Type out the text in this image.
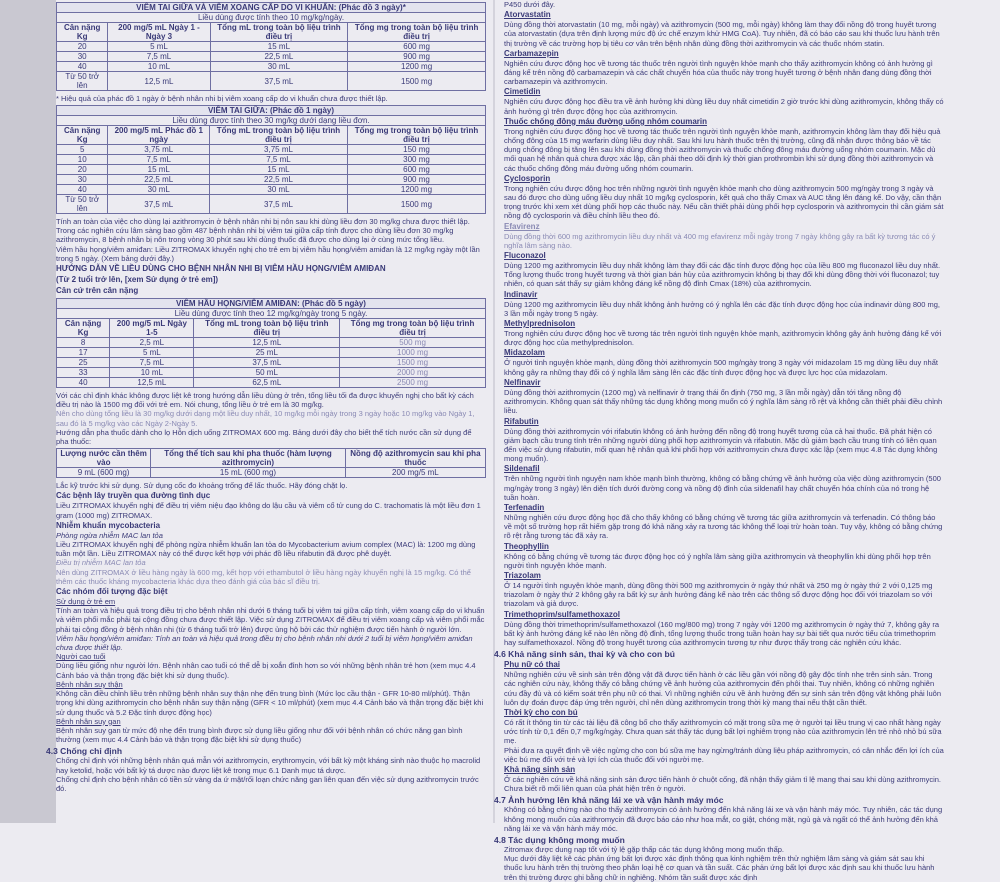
VIÊM TAI GIỮA VÀ VIÊM XOANG CẤP DO VI KHUẨN: (Phác đồ 3 ngày)*			
Liều dùng được tính theo 10 mg/kg/ngày.			
Cân nặng Kg	200 mg/5 mL Ngày 1 - Ngày 3	Tổng mL trong toàn bộ liệu trình điều trị	Tổng mg trong toàn bộ liệu trình điều trị
20	5 mL	15 mL	600 mg
30	7,5 mL	22,5 mL	900 mg
40	10 mL	30 mL	1200 mg
Từ 50 trở lên	12,5 mL	37,5 mL	1500 mg

* Hiệu quả của phác đồ 1 ngày ở bệnh nhân nhi bị viêm xoang cấp do vi khuẩn chưa được thiết lập.

VIÊM TAI GIỮA: (Phác đồ 1 ngày)			
Liều dùng được tính theo 30 mg/kg dưới dạng liều đơn.			
Cân nặng Kg	200 mg/5 mL Phác đồ 1 ngày	Tổng mL trong toàn bộ liệu trình điều trị	Tổng mg trong toàn bộ liệu trình điều trị
5	3,75 mL	3,75 mL	150 mg
10	7,5 mL	7,5 mL	300 mg
20	15 mL	15 mL	600 mg
30	22,5 mL	22,5 mL	900 mg
40	30 mL	30 mL	1200 mg
Từ 50 trở lên	37,5 mL	37,5 mL	1500 mg

Tính an toàn của việc cho dùng lại azithromycin ở bệnh nhân nhi bị nôn sau khi dùng liều đơn 30 mg/kg chưa được thiết lập. Trong các nghiên cứu lâm sàng bao gồm 487 bệnh nhân nhi bị viêm tai giữa cấp tính được cho dùng liều đơn 30 mg/kg azithromycin, 8 bệnh nhân bị nôn trong vòng 30 phút sau khi dùng thuốc đã được cho dùng lại ở cùng mức tổng liều.

Viêm hầu họng/viêm amiđan: Liều ZITROMAX khuyến nghị cho trẻ em bị viêm hầu họng/viêm amiđan là 12 mg/kg ngày một lần trong 5 ngày. (Xem bảng dưới đây.)

HƯỚNG DẪN VỀ LIỀU DÙNG CHO BỆNH NHÂN NHI BỊ VIÊM HẦU HỌNG/VIÊM AMIĐAN

(Từ 2 tuổi trở lên, [xem Sử dụng ở trẻ em])

Cân cứ trên cân nặng

VIÊM HẦU HỌNG/VIÊM AMIĐAN: (Phác đồ 5 ngày)			
Liều dùng được tính theo 12 mg/kg/ngày trong 5 ngày.			
Cân nặng Kg	200 mg/5 mL Ngày 1-5	Tổng mL trong toàn bộ liệu trình điều trị	Tổng mg trong toàn bộ liệu trình điều trị
8	2,5 mL	12,5 mL	500 mg
17	5 mL	25 mL	1000 mg
25	7,5 mL	37,5 mL	1500 mg
33	10 mL	50 mL	2000 mg
40	12,5 mL	62,5 mL	2500 mg

Với các chỉ định khác không được liệt kê trong hướng dẫn liều dùng ở trên, tổng liều tối đa được khuyến nghị cho bất kỳ cách điều trị nào là 1500 mg đối với trẻ em. Nói chung, tổng liều ở trẻ em là 30 mg/kg.

Nên cho dùng tổng liều là 30 mg/kg dưới dạng một liều duy nhất, 10 mg/kg mỗi ngày trong 3 ngày hoặc 10 mg/kg vào Ngày 1, sau đó là 5 mg/kg vào các Ngày 2-Ngày 5.

Hướng dẫn pha thuốc dành cho lọ Hỗn dịch uống ZITROMAX 600 mg. Bảng dưới đây cho biết thể tích nước cần sử dụng để pha thuốc:

Lượng nước cần thêm vào	Tổng thể tích sau khi pha thuốc (hàm lượng azithromycin)	Nồng độ azithromycin sau khi pha thuốc
9 mL (600 mg)	15 mL (600 mg)	200 mg/5 mL

Lắc kỹ trước khi sử dụng. Sử dụng cốc đo khoảng trống để lấc thuốc. Hãy đóng chặt lọ.

Các bệnh lây truyền qua đường tình dục

Liều ZITROMAX khuyến nghị để điều trị viêm niệu đạo không do lậu cầu và viêm cổ tử cung do C. trachomatis là một liều đơn 1 gram (1000 mg) ZITROMAX.

Nhiễm khuẩn mycobacteria

Phòng ngừa nhiễm MAC lan tỏa

Liều ZITROMAX khuyến nghị để phòng ngừa nhiễm khuẩn lan tỏa do Mycobacterium avium complex (MAC) là: 1200 mg dùng tuần một lần. Liều ZITROMAX này có thể được kết hợp với phác đồ liều rifabutin đã được phê duyệt.

Điều trị nhiễm MAC lan tỏa

Nên dùng ZITROMAX ở liều hàng ngày là 600 mg, kết hợp với ethambutol ở liều hàng ngày khuyến nghị là 15 mg/kg. Có thể thêm các thuốc kháng mycobacteria khác dựa theo đánh giá của bác sĩ điều trị.

Các nhóm đối tượng đặc biệt

Sử dụng ở trẻ em

Tính an toàn và hiệu quả trong điều trị cho bệnh nhân nhi dưới 6 tháng tuổi bị viêm tai giữa cấp tính, viêm xoang cấp do vi khuẩn và viêm phổi mắc phải tại cộng đồng chưa được thiết lập. Việc sử dụng ZITROMAX để điều trị viêm xoang cấp và viêm phổi mắc phải tại cộng đồng ở bệnh nhân nhi (từ 6 tháng tuổi trở lên) được ủng hộ bởi các thử nghiệm được tiến hành ở người lớn.

Viêm hầu họng/viêm amiđan: Tính an toàn và hiệu quả trong điều trị cho bệnh nhân nhi dưới 2 tuổi bị viêm họng/viêm amiđan chưa được thiết lập.

Người cao tuổi

Dùng liều giống như người lớn. Bệnh nhân cao tuổi có thể dễ bị xoắn đỉnh hơn so với những bệnh nhân trẻ hơn (xem mục 4.4 Cảnh báo và thận trọng đặc biệt khi sử dụng thuốc).

Bệnh nhân suy thận

Không cần điều chỉnh liều trên những bệnh nhân suy thận nhẹ đến trung bình (Mức lọc cầu thận - GFR 10-80 ml/phút). Thận trọng khi dùng azithromycin cho bệnh nhân suy thận nặng (GFR < 10 ml/phút) (xem mục 4.4 Cảnh báo và thận trọng đặc biệt khi sử dụng thuốc và 5.2 Đặc tính dược động học)

Bệnh nhân suy gan

Bệnh nhân suy gan từ mức độ nhẹ đến trung bình được sử dụng liều giống như đối với bệnh nhân có chức năng gan bình thường (xem mục 4.4 Cảnh báo và thận trọng đặc biệt khi sử dụng thuốc)

4.3 Chống chỉ định

Chống chỉ định với những bệnh nhân quá mẫn với azithromycin, erythromycin, với bất kỳ một kháng sinh nào thuộc họ macrolid hay ketolid, hoặc với bất kỳ tá dược nào được liệt kê trong mục 6.1 Danh mục tá dược.

Chống chỉ định cho bệnh nhân có tiền sử vàng da ứ mật/rối loạn chức năng gan liên quan đến việc sử dụng azithromycin trước đó.

P450 dưới đây.

Atorvastatin

Dùng đồng thời atorvastatin (10 mg, mỗi ngày) và azithromycin (500 mg, mỗi ngày) không làm thay đổi nồng độ trong huyết tương của atorvastatin (dựa trên định lượng mức độ ức chế enzym khử HMG CoA). Tuy nhiên, đã có báo cáo sau khi thuốc lưu hành trên thị trường về các trường hợp bị tiêu cơ vân trên bệnh nhân dùng đồng thời azithromycin và các thuốc nhóm statin.

Carbamazepin

Nghiên cứu được động học về tương tác thuốc trên người tình nguyện khỏe mạnh cho thấy azithromycin không có ảnh hưởng gì đáng kể trên nồng độ carbamazepin và các chất chuyển hóa của thuốc này trong huyết tương ở bệnh nhân đang dùng đồng thời carbamazepin và azithromycin.

Cimetidin

Nghiên cứu được động học điều tra về ảnh hưởng khi dùng liều duy nhất cimetidin 2 giờ trước khi dùng azithromycin, không thấy có ảnh hưởng gì trên được động học của azithromycin.

Thuốc chống đông máu đường uống nhóm coumarin

Trong nghiên cứu được động học về tương tác thuốc trên người tình nguyện khỏe mạnh, azithromycin không làm thay đổi hiệu quả chống đông của 15 mg warfarin dùng liều duy nhất. Sau khi lưu hành thuốc trên thị trường, cũng đã nhận được thông báo về tác dụng chống đông bị tăng lên sau khi dùng đồng thời azithromycin và thuốc chống đông máu đường uống nhóm coumarin. Mặc dù mối quan hệ nhân quả chưa được xác lập, cần phải theo dõi định kỳ thời gian prothrombin khi sử dụng đồng thời azithromycin và các thuốc chống đông máu đường uống nhóm coumarin.

Cyclosporin

Trong nghiên cứu được động học trên những người tình nguyện khỏe mạnh cho dùng azithromycin 500 mg/ngày trong 3 ngày và sau đó được cho dùng uống liều duy nhất 10 mg/kg cyclosporin, kết quả cho thấy Cmax và AUC tăng lên đáng kể. Do vậy, cần thận trọng trước khi xem xét dùng phối hợp các thuốc này. Nếu cần thiết phải dùng phối hợp cyclosporin và azithromycin thì cần giám sát nồng độ cyclosporin và điều chỉnh liều theo đó.

Efavirenz

Dùng đồng thời 600 mg azithromycin liều duy nhất và 400 mg efavirenz mỗi ngày trong 7 ngày không gây ra bất kỳ tương tác có ý nghĩa lâm sàng nào.

Fluconazol

Dùng 1200 mg azithromycin liều duy nhất không làm thay đổi các đặc tính được động học của liều 800 mg fluconazol liều duy nhất. Tổng lượng thuốc trong huyết tương và thời gian bán hủy của azithromycin không bị thay đổi khi dùng đồng thời với fluconazol; tuy nhiên, có quan sát thấy sự giảm không đáng kể nồng độ đỉnh Cmax (18%) của azithromycin.

Indinavir

Dùng 1200 mg azithromycin liều duy nhất không ảnh hưởng có ý nghĩa lên các đặc tính được động học của indinavir dùng 800 mg, 3 lần mỗi ngày trong 5 ngày.

Methylprednisolon

Trong nghiên cứu được động học về tương tác trên người tình nguyện khỏe mạnh, azithromycin không gây ảnh hưởng đáng kể với được động học của methylprednisolon.

Midazolam

Ở người tình nguyện khỏe mạnh, dùng đồng thời azithromycin 500 mg/ngày trong 3 ngày với midazolam 15 mg dùng liều duy nhất không gây ra những thay đổi có ý nghĩa lâm sàng lên các đặc tính được động học và được lực học của midazolam.

Nelfinavir

Dùng đồng thời azithromycin (1200 mg) và nelfinavir ở trạng thái ổn định (750 mg, 3 lần mỗi ngày) dẫn tới tăng nồng độ azithromycin. Không quan sát thấy những tác dụng không mong muốn có ý nghĩa lâm sàng rõ rệt và không cần thiết phải điều chỉnh liều.

Rifabutin

Dùng đồng thời azithromycin với rifabutin không có ảnh hưởng đến nồng độ trong huyết tương của cả hai thuốc. Đã phát hiện có giảm bạch cầu trung tính trên những người dùng phối hợp azithromycin và rifabutin. Mặc dù giảm bạch cầu trung tính có liên quan đến việc sử dụng rifabutin, mối quan hệ nhân quả khi phối hợp với azithromycin chưa được xác lập (xem mục 4.8 Tác dụng không mong muốn).

Sildenafil

Trên những người tình nguyện nam khỏe mạnh bình thường, không có bằng chứng về ảnh hưởng của việc dùng azithromycin (500 mg/ngày trong 3 ngày) lên diện tích dưới đường cong và nồng độ đỉnh của sildenafil hay chất chuyển hóa chính của nó trong hệ tuần hoàn.

Terfenadin

Những nghiên cứu được động học đã cho thấy không có bằng chứng về tương tác giữa azithromycin và terfenadin. Có thông báo về một số trường hợp rất hiếm gặp trong đó khả năng xảy ra tương tác không thể loại trừ hoàn toàn. Tuy vậy, không có bằng chứng rõ rệt rằng tương tác đã xảy ra.

Theophyllin

Không có bằng chứng về tương tác được động học có ý nghĩa lâm sàng giữa azithromycin và theophyllin khi dùng phối hợp trên người tình nguyện khỏe mạnh.

Triazolam

Ở 14 người tình nguyện khỏe mạnh, dùng đồng thời 500 mg azithromycin ở ngày thứ nhất và 250 mg ở ngày thứ 2 với 0,125 mg triazolam ở ngày thứ 2 không gây ra bất kỳ sự ảnh hưởng đáng kể nào trên các thông số được động học đối với triazolam so với triazolam và giả dược.

Trimethoprim/sulfamethoxazol

Dùng đồng thời trimethoprim/sulfamethoxazol (160 mg/800 mg) trong 7 ngày với 1200 mg azithromycin ở ngày thứ 7, không gây ra bất kỳ ảnh hưởng đáng kể nào lên nồng độ đỉnh, tổng lượng thuốc trong tuần hoàn hay sự bài tiết qua nước tiểu của trimethoprim hay sulfamethoxazol. Nồng độ trong huyết tương của azithromycin tương tự như được thấy trong các nghiên cứu khác.

4.6 Khả năng sinh sản, thai kỳ và cho con bú

Phụ nữ có thai

Những nghiên cứu về sinh sản trên động vật đã được tiến hành ở các liều gần với nồng độ gây độc tính nhẹ trên sinh sản. Trong các nghiên cứu này, không thấy có bằng chứng về ảnh hưởng của azithromycin đến phôi thai. Tuy nhiên, không có những nghiên cứu đầy đủ và có kiểm soát trên phụ nữ có thai. Vì những nghiên cứu về ảnh hưởng đến sự sinh sản trên động vật không phải luôn luôn dự đoán được đáp ứng trên người, chỉ nên dùng azithromycin trong thời kỳ mang thai nếu thật cần thiết.

Thời kỳ cho con bú

Có rất ít thông tin từ các tài liệu đã công bố cho thấy azithromycin có mặt trong sữa mẹ ở người tại liều trung vị cao nhất hàng ngày ước tính từ 0,1 đến 0,7 mg/kg/ngày. Chưa quan sát thấy tác dụng bất lợi nghiêm trọng nào của azithromycin lên trẻ nhỏ nhỏ bú sữa mẹ.

Phải đưa ra quyết định về việc ngừng cho con bú sữa mẹ hay ngừng/tránh dùng liệu pháp azithromycin, có cân nhắc đến lợi ích của việc bú mẹ đối với trẻ và lợi ích của thuốc đối với người mẹ.

Khả năng sinh sản

Ở các nghiên cứu về khả năng sinh sản được tiến hành ở chuột cống, đã nhận thấy giảm tỉ lệ mang thai sau khi dùng azithromycin. Chưa biết rõ mối liên quan của phát hiện trên ở người.

4.7 Ảnh hưởng lên khả năng lái xe và vận hành máy móc

Không có bằng chứng nào cho thấy azithromycin có ảnh hưởng đến khả năng lái xe và vận hành máy móc. Tuy nhiên, các tác dụng không mong muốn của azithromycin đã được báo cáo như hoa mắt, co giật, chóng mặt, ngủ gà và ngất có thể ảnh hưởng đến khả năng lái xe và vận hành máy móc.

4.8 Tác dụng không mong muốn

Zitromax được dung nạp tốt với tỷ lệ gặp thấp các tác dụng không mong muốn thấp.

Mục dưới đây liệt kê các phản ứng bất lợi được xác định thông qua kinh nghiệm trên thử nghiệm lâm sàng và giám sát sau khi thuốc lưu hành trên thị trường theo phân loại hệ cơ quan và tần suất. Các phản ứng bất lợi được xác định sau khi thuốc lưu hành trên thị trường được ghi bằng chữ in nghiêng. Nhóm tần suất được xác định
